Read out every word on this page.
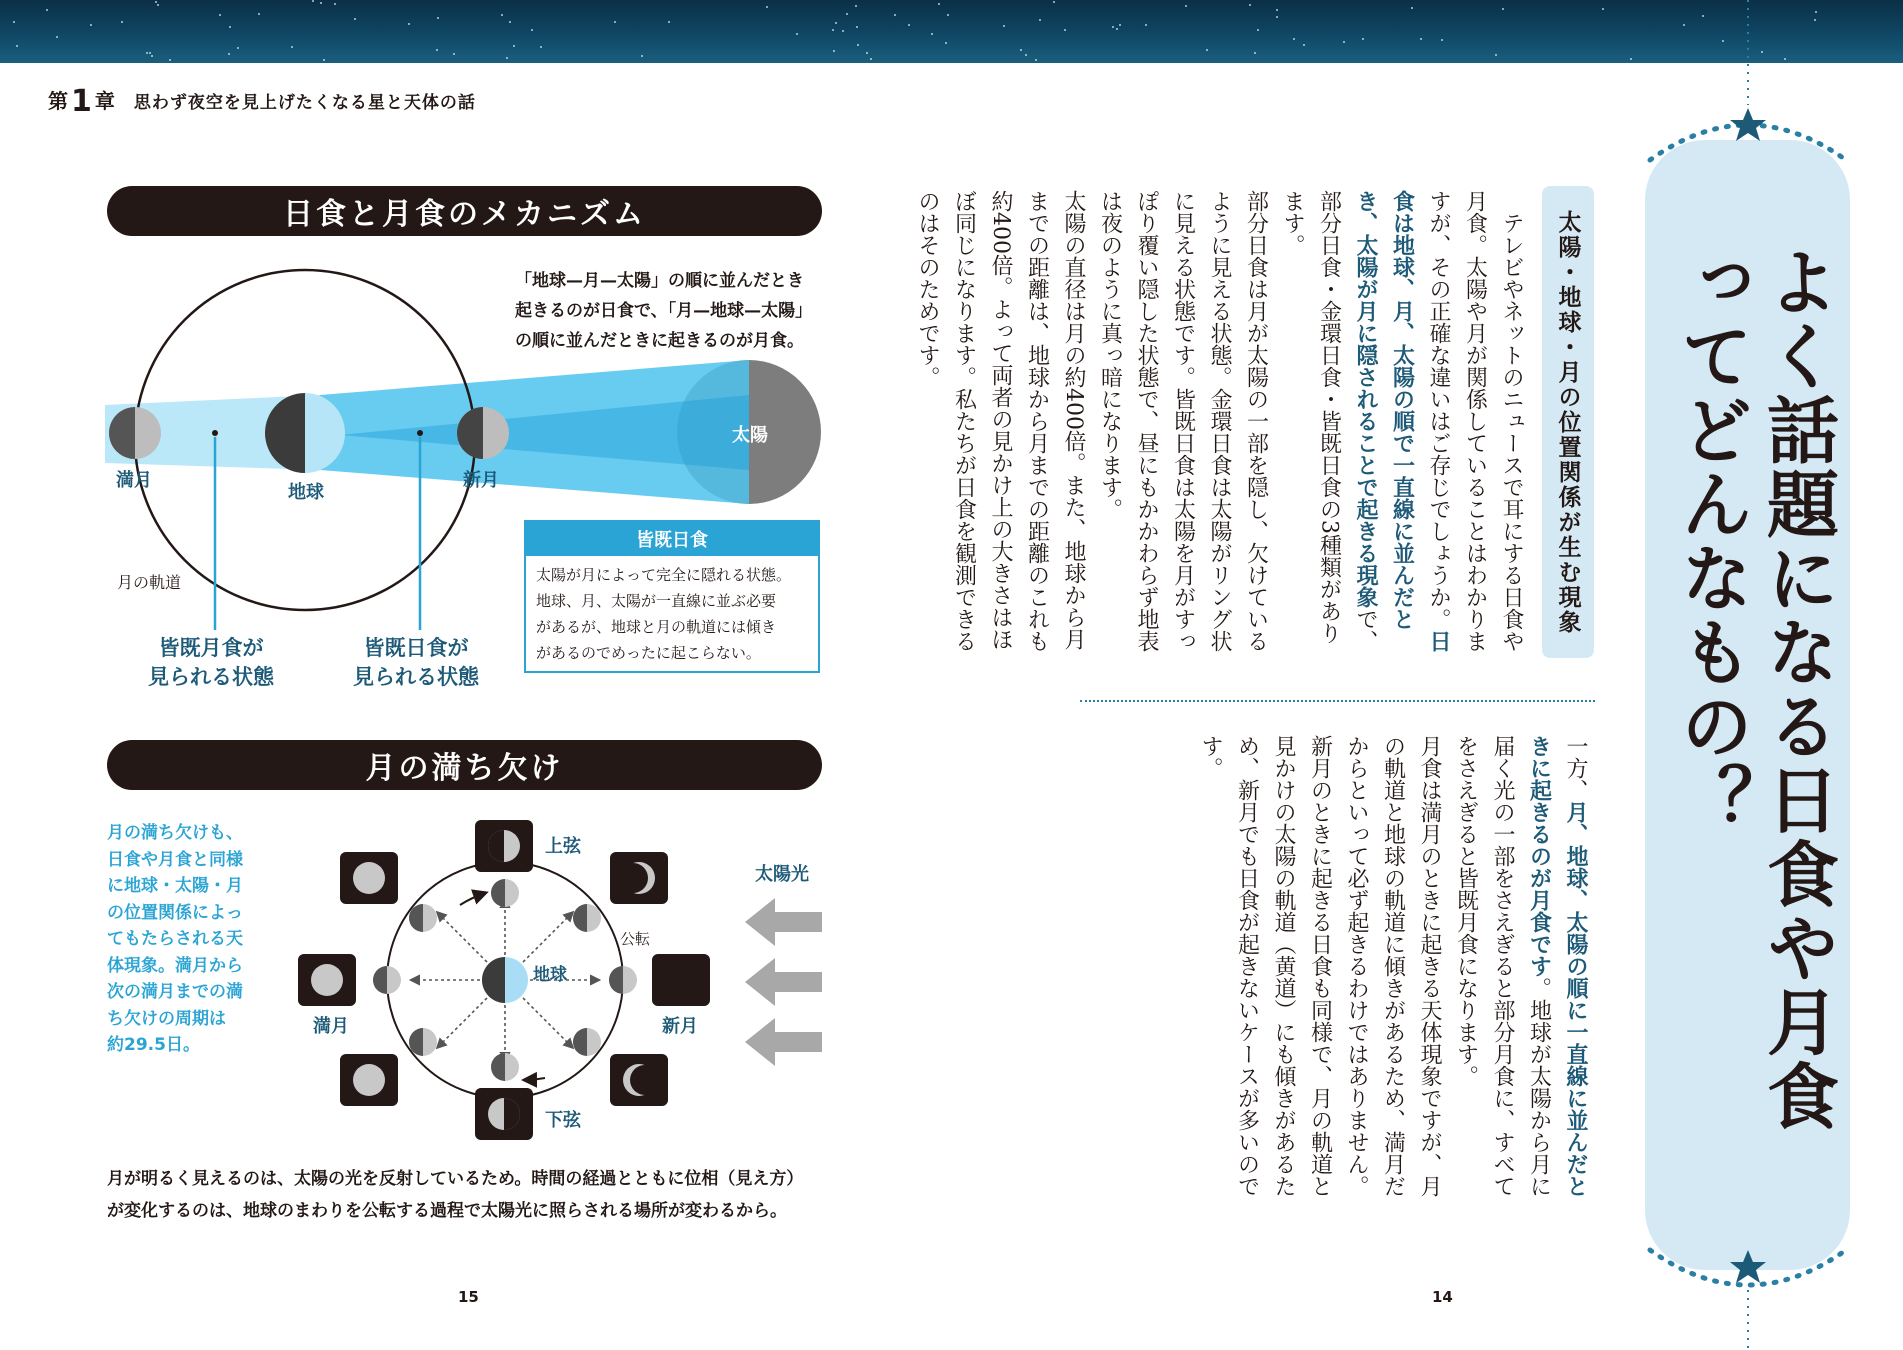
第1 章 思わず夜空を見上げたくなる星と天体の話
日食と月食のメカニズム
「地球—月—太陽」の順に並んだとき
起きるのが日食で、「月—地球—太陽」
の順に並んだときに起きるのが月食。
満月
地球
新月
太陽
月の軌道
皆既月食が
見られる状態
皆既日食が
見られる状態
皆既日食
太陽が月によって完全に隠れる状態。
地球、月、太陽が一直線に並ぶ必要
があるが、地球と月の軌道には傾き
があるのでめったに起こらない。
月の満ち欠け
月の満ち欠けも、
日食や月食と同様
に地球・太陽・月
の位置関係によっ
てもたらされる天
体現象。満月から
次の満月までの満
ち欠けの周期は
約29.5日。
上弦
下弦
満月	新月
地球
公転
太陽光
月が明るく見えるのは、太陽の光を反射しているため。時間の経過とともに位相（見え方）
が変化するのは、地球のまわりを公転する過程で太陽光に照らされる場所が変わるから。
15
よく話題になる日食や月食ってどんなもの？
太陽・地球・月の位置関係が生む現象
テレビやネットのニュースで耳にする日食や月食。太陽や月が関係していることはわかりますが、その正確な違いはご存じでしょうか。日食は地球、月、太陽の順で一直線に並んだとき、太陽が月に隠されることで起きる現象で、部分日食・金環日食・皆既日食の3種類があります。
部分日食は月が太陽の一部を隠し、欠けているように見える状態。金環日食は太陽がリング状に見える状態です。皆既日食は太陽を月がすっぽり覆い隠した状態で、昼にもかかわらず地表は夜のように真っ暗になります。
太陽の直径は月の約400倍。また、地球から月までの距離は、地球から月までの距離のこれも約400倍。よって両者の見かけ上の大きさはほぼ同じになります。私たちが日食を観測できるのはそのためです。
一方、月、地球、太陽の順に一直線に並んだときに起きるのが月食です。地球が太陽から月に届く光の一部をさえぎると部分月食に、すべてをさえぎると皆既月食になります。
月食は満月のときに起きる天体現象ですが、月の軌道と地球の軌道に傾きがあるため、満月だからといって必ず起きるわけではありません。新月のときに起きる日食も同様で、月の軌道と見かけの太陽の軌道（黄道）にも傾きがあるため、新月でも日食が起きないケースが多いのです。
14
